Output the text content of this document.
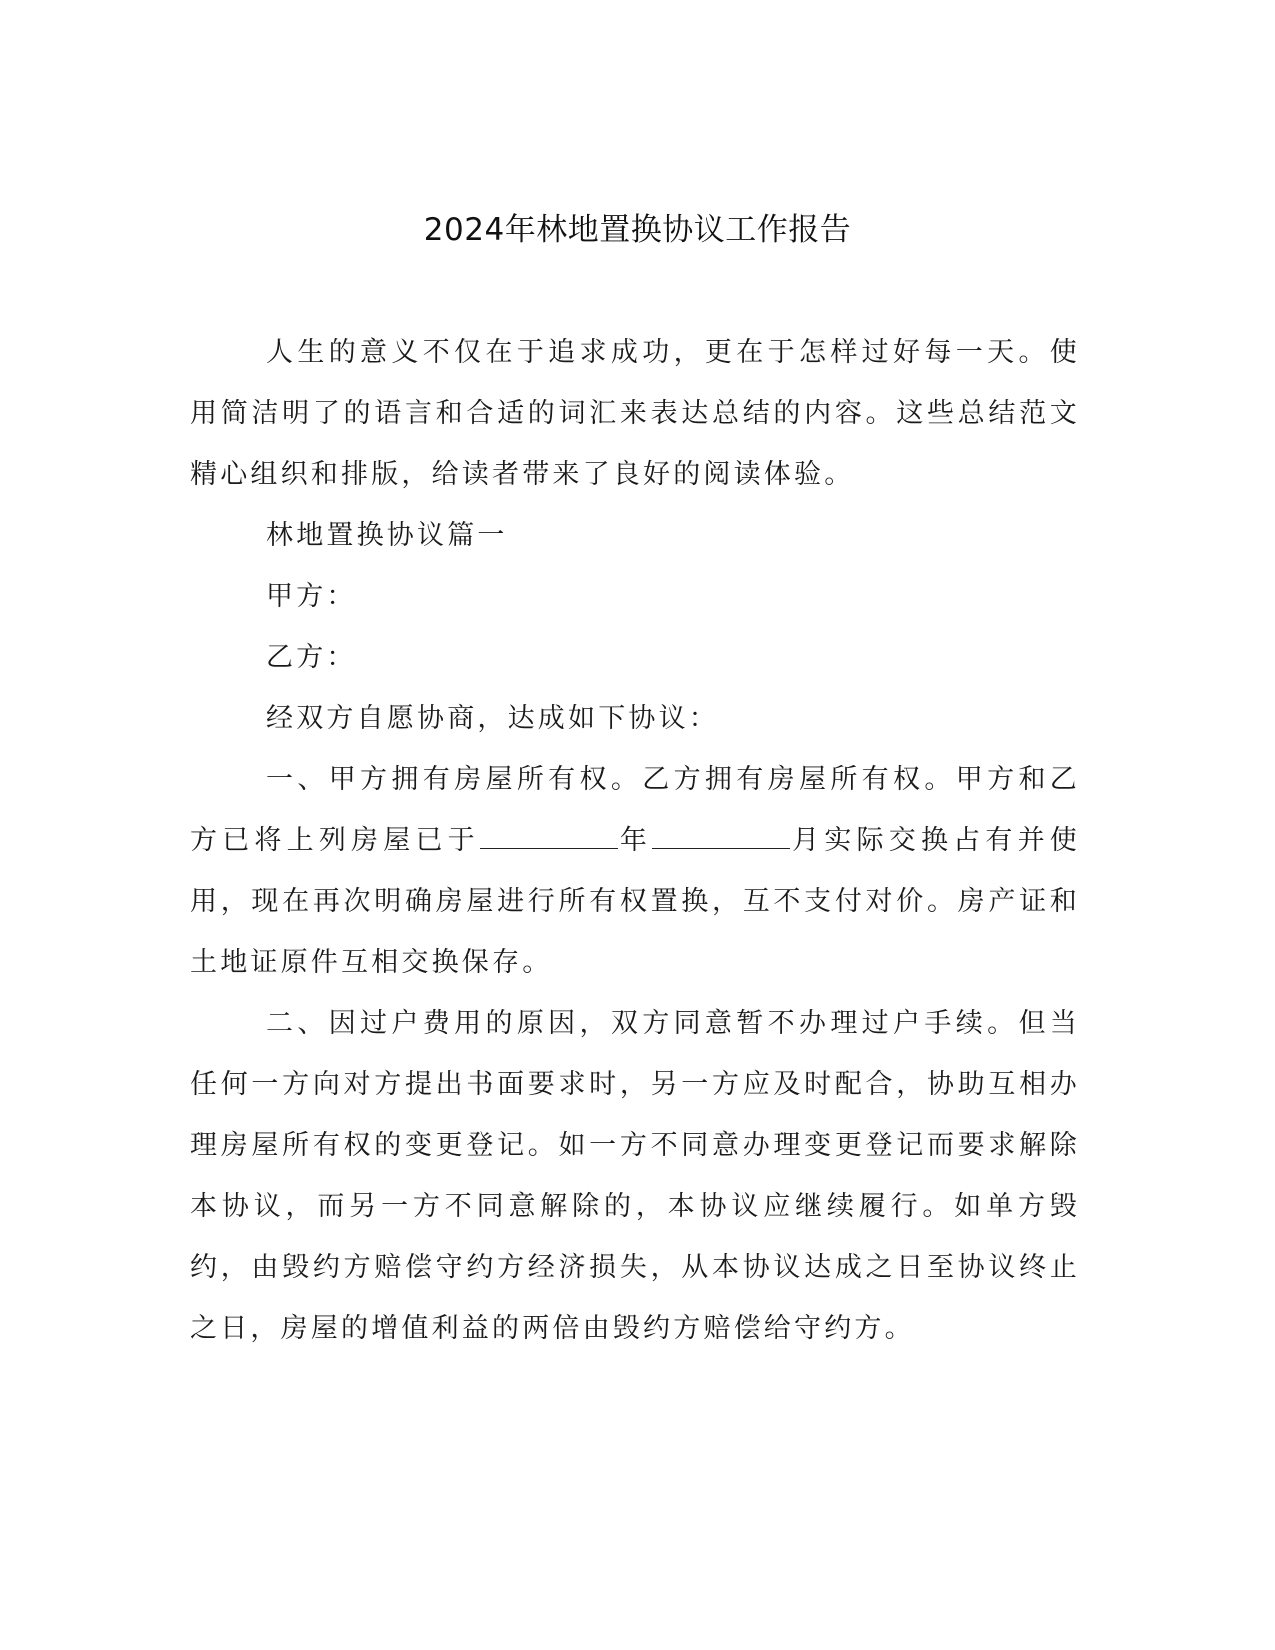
2024年林地置换协议工作报告

人生的意义不仅在于追求成功，更在于怎样过好每一天。使用简洁明了的语言和合适的词汇来表达总结的内容。这些总结范文精心组织和排版，给读者带来了良好的阅读体验。

林地置换协议篇一

甲方：

乙方：

经双方自愿协商，达成如下协议：

一、甲方拥有房屋所有权。乙方拥有房屋所有权。甲方和乙方已将上列房屋已于	年	月实际交换占有并使用，现在再次明确房屋进行所有权置换，互不支付对价。房产证和土地证原件互相交换保存。

二、因过户费用的原因，双方同意暂不办理过户手续。但当任何一方向对方提出书面要求时，另一方应及时配合，协助互相办理房屋所有权的变更登记。如一方不同意办理变更登记而要求解除本协议，而另一方不同意解除的，本协议应继续履行。如单方毁约，由毁约方赔偿守约方经济损失，从本协议达成之日至协议终止之日，房屋的增值利益的两倍由毁约方赔偿给守约方。
